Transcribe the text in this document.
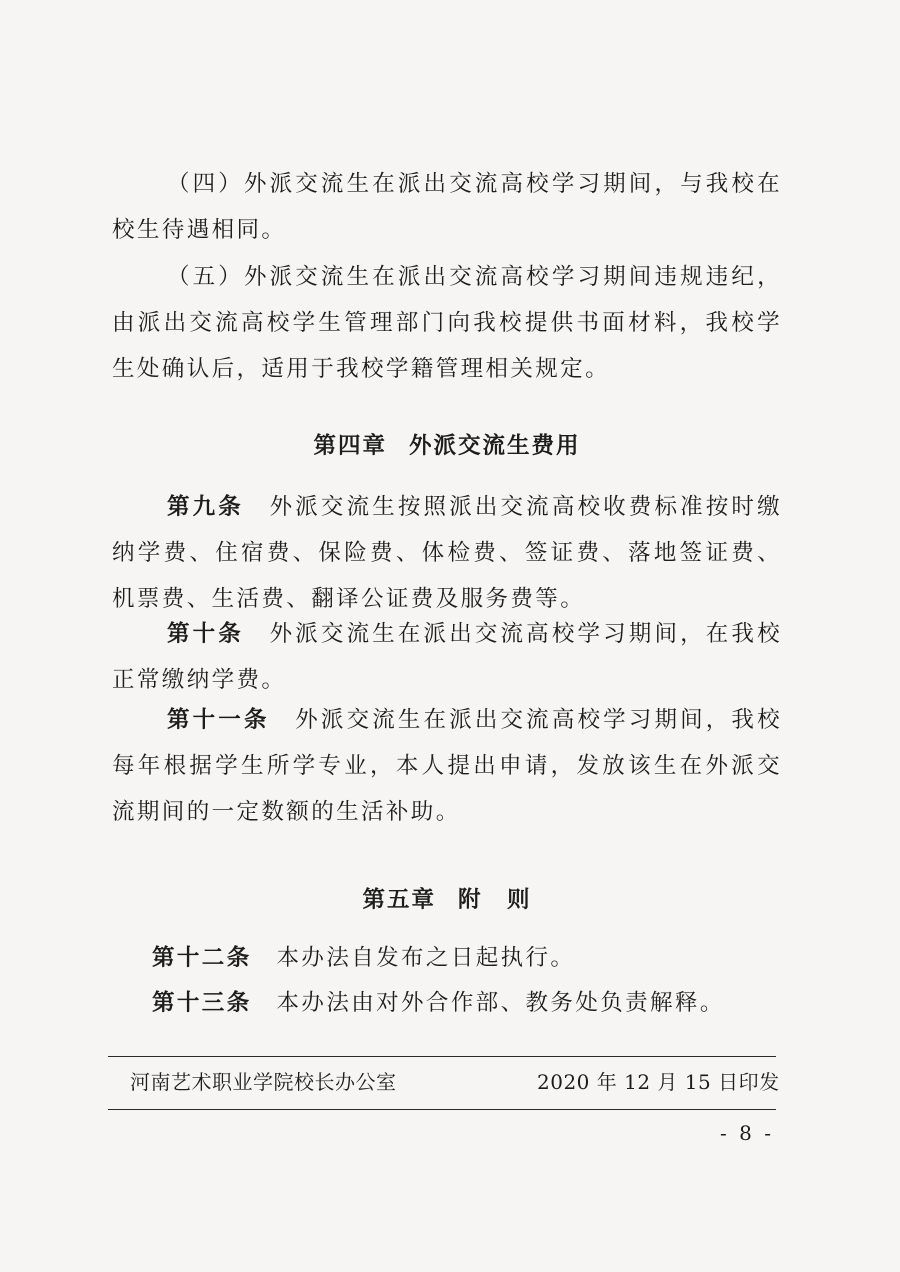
（四）外派交流生在派出交流高校学习期间，与我校在校生待遇相同。

（五）外派交流生在派出交流高校学习期间违规违纪，由派出交流高校学生管理部门向我校提供书面材料，我校学生处确认后，适用于我校学籍管理相关规定。

第四章 外派交流生费用

第九条　 外派交流生按照派出交流高校收费标准按时缴纳学费、住宿费、保险费、体检费、签证费、落地签证费、机票费、生活费、翻译公证费及服务费等。

第十条　 外派交流生在派出交流高校学习期间，在我校正常缴纳学费。

第十一条　 外派交流生在派出交流高校学习期间，我校每年根据学生所学专业，本人提出申请，发放该生在外派交流期间的一定数额的生活补助。

第五章 附　则

第十二条　 本办法自发布之日起执行。

第十三条　 本办法由对外合作部、教务处负责解释。

河南艺术职业学院校长办公室	2020 年 12 月 15 日印发
- 8 -
